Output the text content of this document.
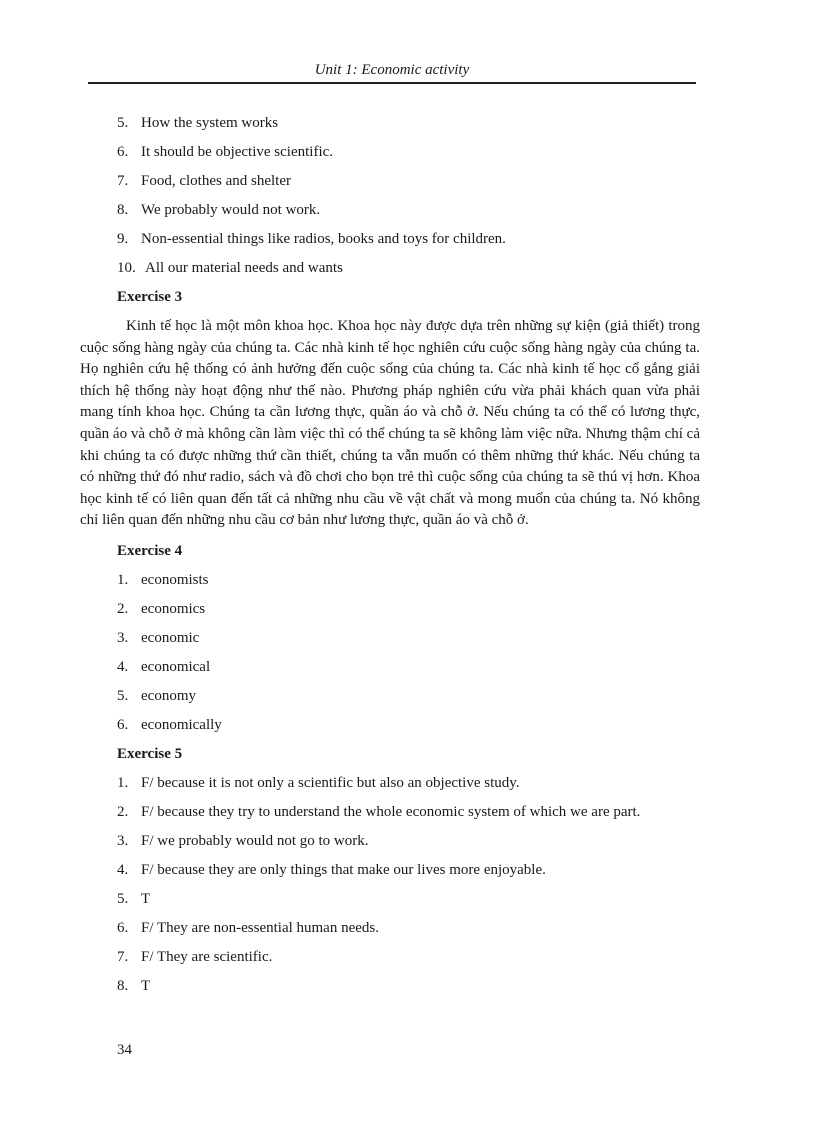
Unit 1: Economic activity
5. How the system works
6. It should be objective scientific.
7. Food, clothes and shelter
8. We probably would not work.
9. Non-essential things like radios, books and toys for children.
10. All our material needs and wants
Exercise 3

Kinh tế học là một môn khoa học. Khoa học này được dựa trên những sự kiện (giả thiết) trong cuộc sống hàng ngày của chúng ta. Các nhà kinh tế học nghiên cứu cuộc sống hàng ngày của chúng ta. Họ nghiên cứu hệ thống có ảnh hưởng đến cuộc sống của chúng ta. Các nhà kinh tế học cố gắng giải thích hệ thống này hoạt động như thế nào. Phương pháp nghiên cứu vừa phải khách quan vừa phải mang tính khoa học. Chúng ta cần lương thực, quần áo và chỗ ở. Nếu chúng ta có thể có lương thực, quần áo và chỗ ở mà không cần làm việc thì có thể chúng ta sẽ không làm việc nữa. Nhưng thậm chí cả khi chúng ta có được những thứ cần thiết, chúng ta vẫn muốn có thêm những thứ khác. Nếu chúng ta có những thứ đó như radio, sách và đồ chơi cho bọn trẻ thì cuộc sống của chúng ta sẽ thú vị hơn. Khoa học kinh tế có liên quan đến tất cả những nhu cầu về vật chất và mong muốn của chúng ta. Nó không chỉ liên quan đến những nhu cầu cơ bản như lương thực, quần áo và chỗ ở.

Exercise 4
1. economists
2. economics
3. economic
4. economical
5. economy
6. economically
Exercise 5
1. F/ because it is not only a scientific but also an objective study.
2. F/ because they try to understand the whole economic system of which we are part.
3. F/ we probably would not go to work.
4. F/ because they are only things that make our lives more enjoyable.
5. T
6. F/ They are non-essential human needs.
7. F/ They are scientific.
8. T
34
